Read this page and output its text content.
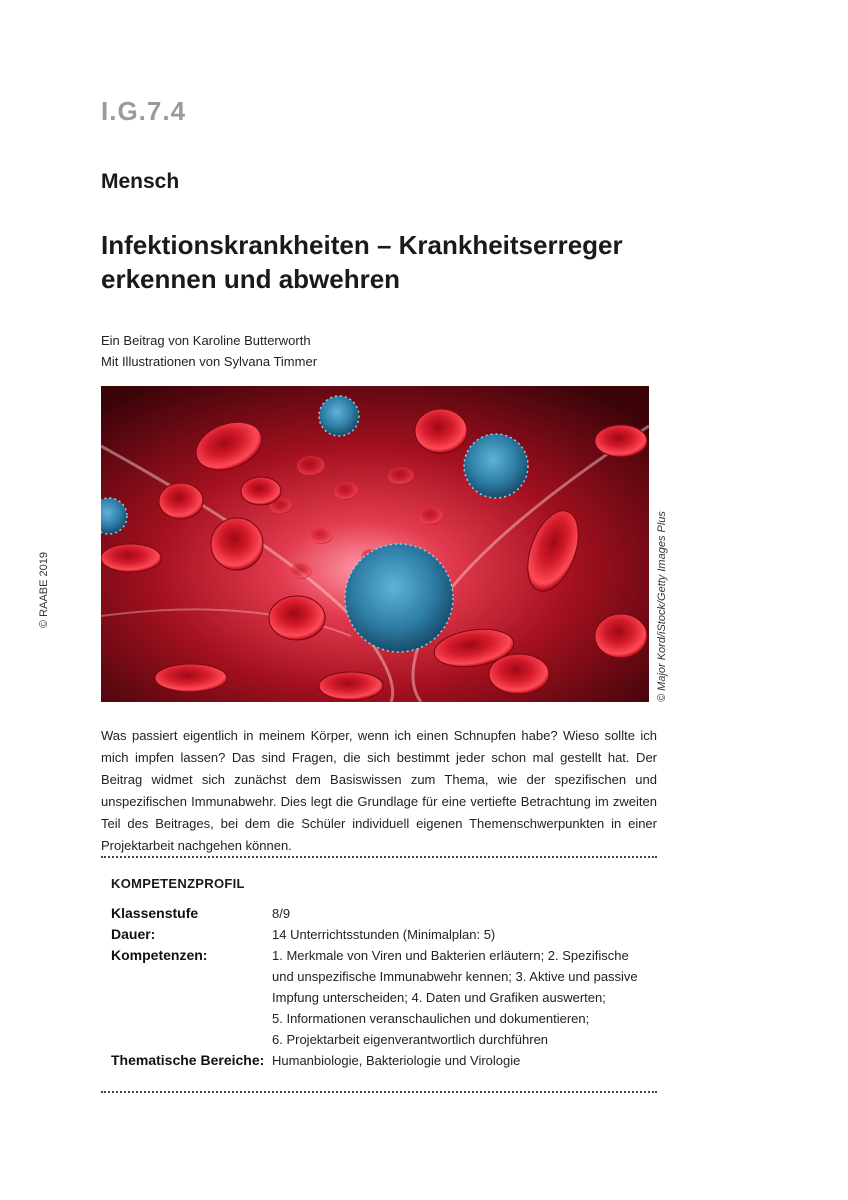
I.G.7.4
Mensch
Infektionskrankheiten – Krankheitserreger
erkennen und abwehren
Ein Beitrag von Karoline Butterworth
Mit Illustrationen von Sylvana Timmer
© Major Kord/iStock/Getty Images Plus
© RAABE 2019
Was passiert eigentlich in meinem Körper, wenn ich einen Schnupfen habe? Wieso sollte ich mich impfen lassen? Das sind Fragen, die sich bestimmt jeder schon mal gestellt hat. Der Beitrag widmet sich zunächst dem Basiswissen zum Thema, wie der spezifischen und unspezifischen Immunabwehr. Dies legt die Grundlage für eine vertiefte Betrachtung im zweiten Teil des Beitrages, bei dem die Schüler individuell eigenen Themenschwerpunkten in einer Projektarbeit nachgehen können.
KOMPETENZPROFIL
Klassenstufe	8/9
Dauer:	14 Unterrichtsstunden (Minimalplan: 5)
Kompetenzen:	1. Merkmale von Viren und Bakterien erläutern; 2. Spezifische
und unspezifische Immunabwehr kennen; 3. Aktive und passive
Impfung unterscheiden; 4. Daten und Grafiken auswerten;
5. Informationen veranschaulichen und dokumentieren;
6. Projektarbeit eigenverantwortlich durchführen
Thematische Bereiche: Humanbiologie, Bakteriologie und Virologie
